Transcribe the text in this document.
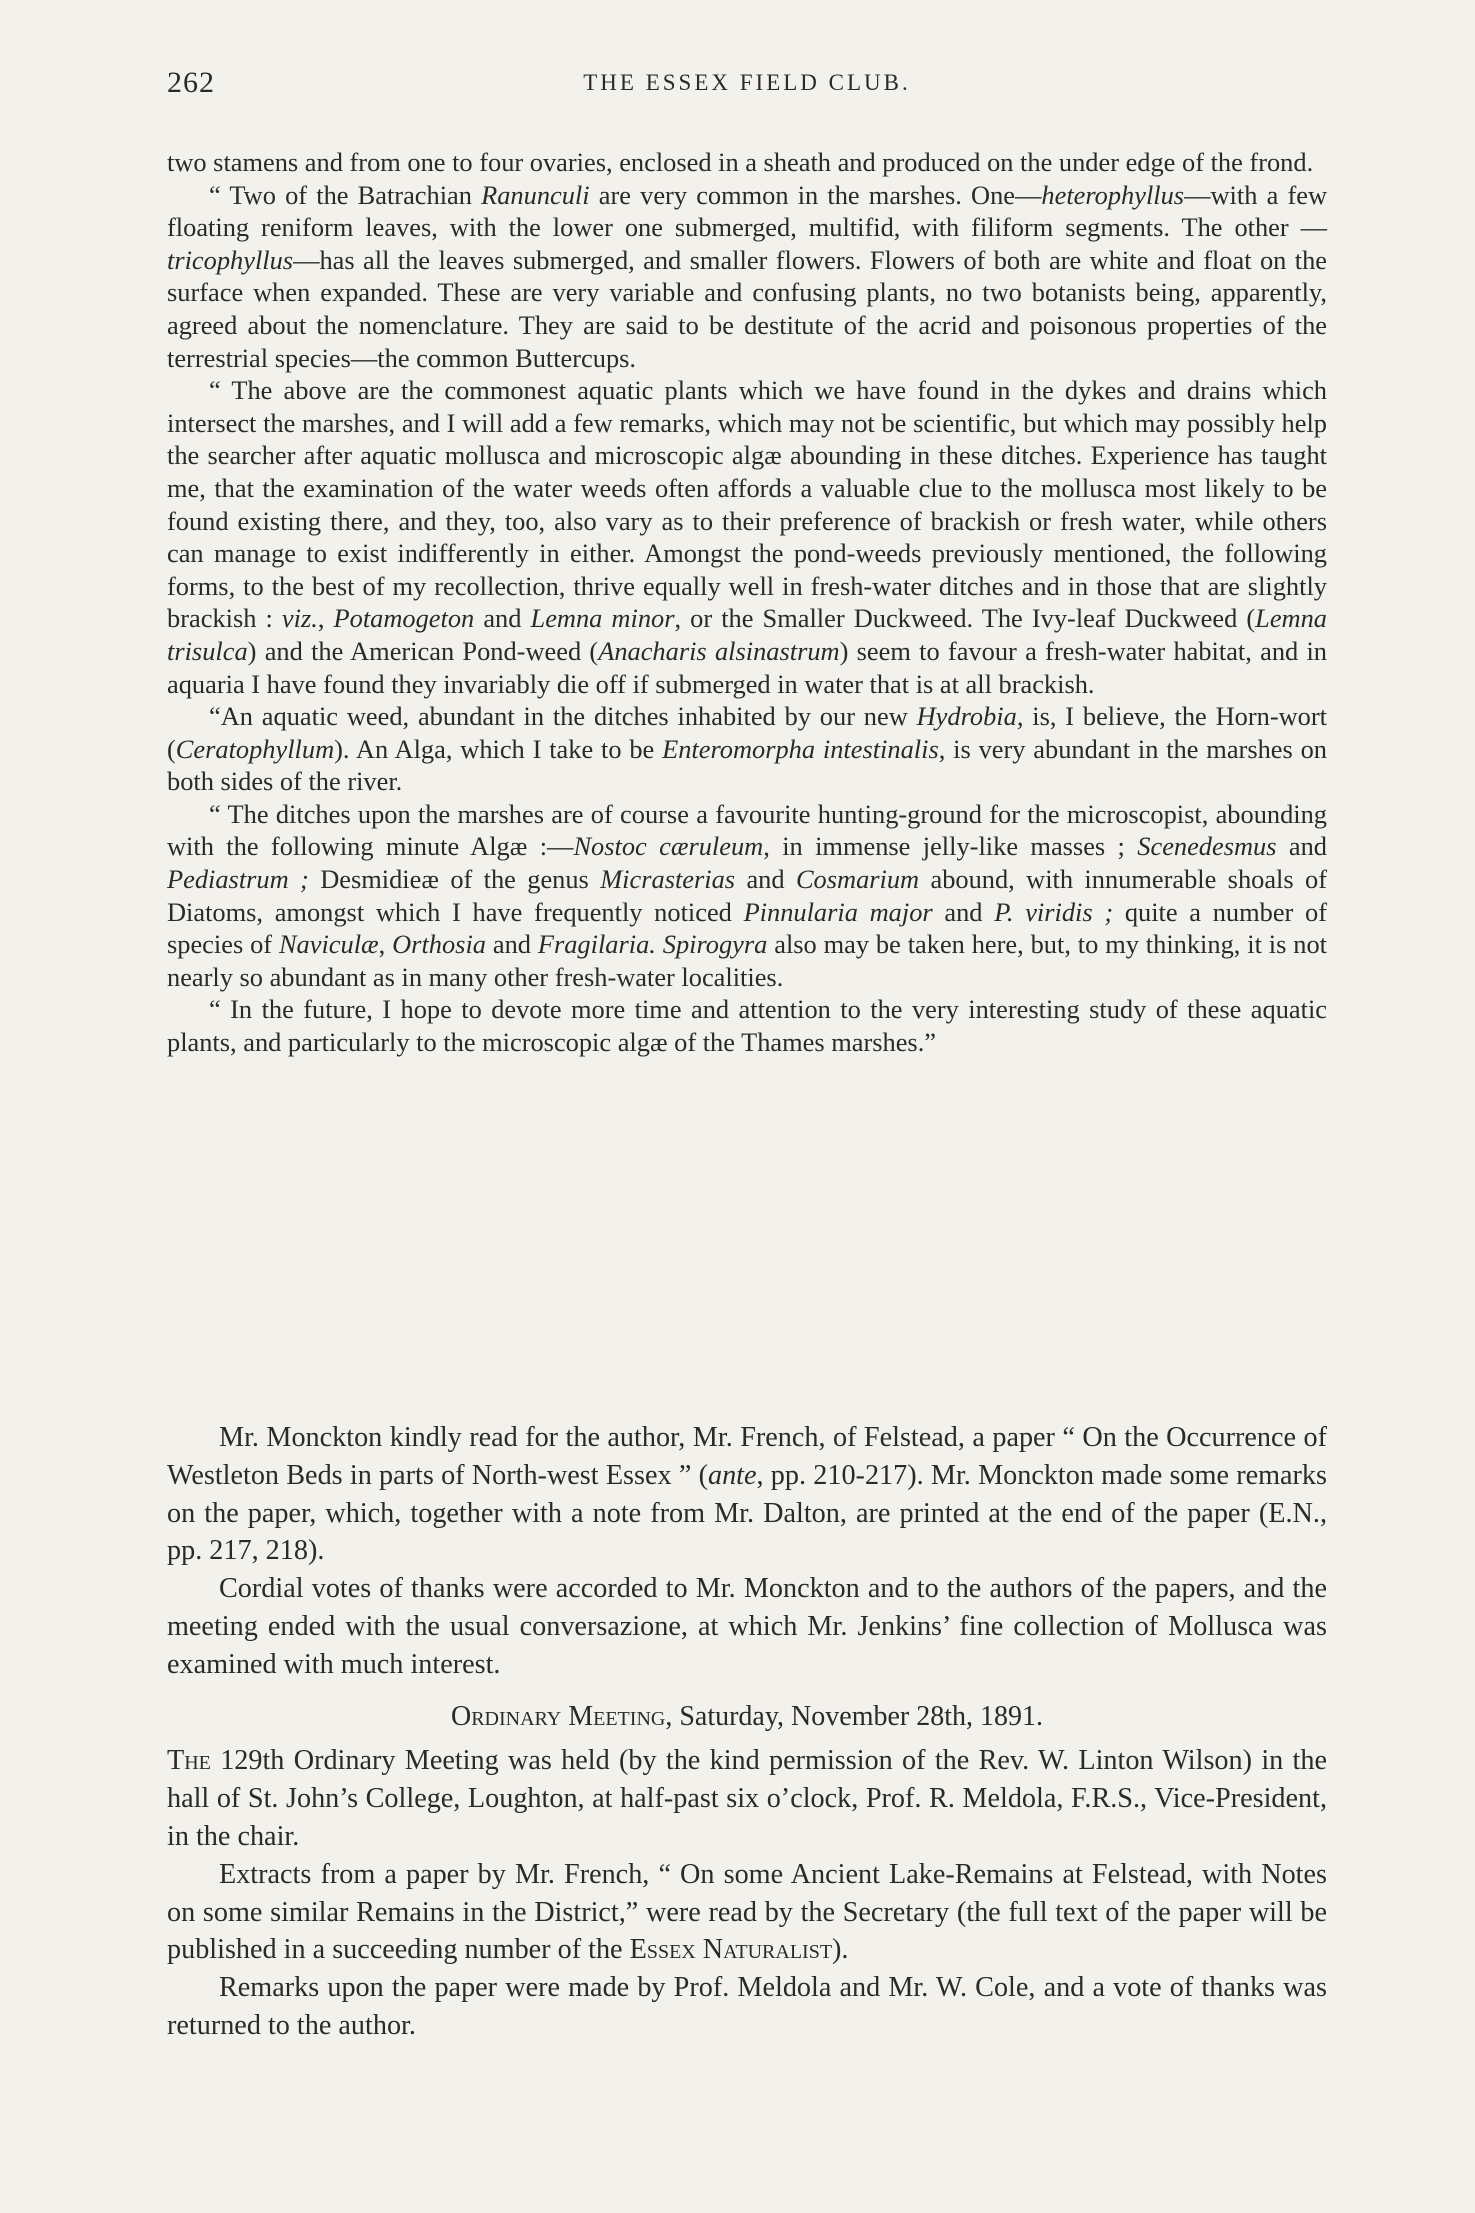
262	THE ESSEX FIELD CLUB.

two stamens and from one to four ovaries, enclosed in a sheath and produced on the under edge of the frond.

“ Two of the Batrachian Ranunculi are very common in the marshes. One—heterophyllus—with a few floating reniform leaves, with the lower one submerged, multifid, with filiform segments. The other —tricophyllus—has all the leaves submerged, and smaller flowers. Flowers of both are white and float on the surface when expanded. These are very variable and confusing plants, no two botanists being, apparently, agreed about the nomenclature. They are said to be destitute of the acrid and poisonous properties of the terrestrial species—the common Buttercups.

“ The above are the commonest aquatic plants which we have found in the dykes and drains which intersect the marshes, and I will add a few remarks, which may not be scientific, but which may possibly help the searcher after aquatic mollusca and microscopic algæ abounding in these ditches. Experience has taught me, that the examination of the water weeds often affords a valuable clue to the mollusca most likely to be found existing there, and they, too, also vary as to their preference of brackish or fresh water, while others can manage to exist indifferently in either. Amongst the pond-weeds previously mentioned, the following forms, to the best of my recollection, thrive equally well in fresh-water ditches and in those that are slightly brackish : viz., Potamogeton and Lemna minor, or the Smaller Duckweed. The Ivy-leaf Duckweed (Lemna trisulca) and the American Pond-weed (Anacharis alsinastrum) seem to favour a fresh-water habitat, and in aquaria I have found they invariably die off if submerged in water that is at all brackish.

“An aquatic weed, abundant in the ditches inhabited by our new Hydrobia, is, I believe, the Horn-wort (Ceratophyllum). An Alga, which I take to be Enteromorpha intestinalis, is very abundant in the marshes on both sides of the river.

“ The ditches upon the marshes are of course a favourite hunting-ground for the microscopist, abounding with the following minute Algæ :—Nostoc cæruleum, in immense jelly-like masses ; Scenedesmus and Pediastrum ; Desmidieæ of the genus Micrasterias and Cosmarium abound, with innumerable shoals of Diatoms, amongst which I have frequently noticed Pinnularia major and P. viridis ; quite a number of species of Naviculæ, Orthosia and Fragilaria. Spirogyra also may be taken here, but, to my thinking, it is not nearly so abundant as in many other fresh-water localities.

“ In the future, I hope to devote more time and attention to the very interesting study of these aquatic plants, and particularly to the microscopic algæ of the Thames marshes.”

Mr. Monckton kindly read for the author, Mr. French, of Felstead, a paper “ On the Occurrence of Westleton Beds in parts of North-west Essex ” (ante, pp. 210-217). Mr. Monckton made some remarks on the paper, which, together with a note from Mr. Dalton, are printed at the end of the paper (E.N., pp. 217, 218).

Cordial votes of thanks were accorded to Mr. Monckton and to the authors of the papers, and the meeting ended with the usual conversazione, at which Mr. Jenkins’ fine collection of Mollusca was examined with much interest.

Ordinary Meeting, Saturday, November 28th, 1891.

The 129th Ordinary Meeting was held (by the kind permission of the Rev. W. Linton Wilson) in the hall of St. John’s College, Loughton, at half-past six o’clock, Prof. R. Meldola, F.R.S., Vice-President, in the chair.

Extracts from a paper by Mr. French, “ On some Ancient Lake-Remains at Felstead, with Notes on some similar Remains in the District,” were read by the Secretary (the full text of the paper will be published in a succeeding number of the Essex Naturalist).

Remarks upon the paper were made by Prof. Meldola and Mr. W. Cole, and a vote of thanks was returned to the author.
